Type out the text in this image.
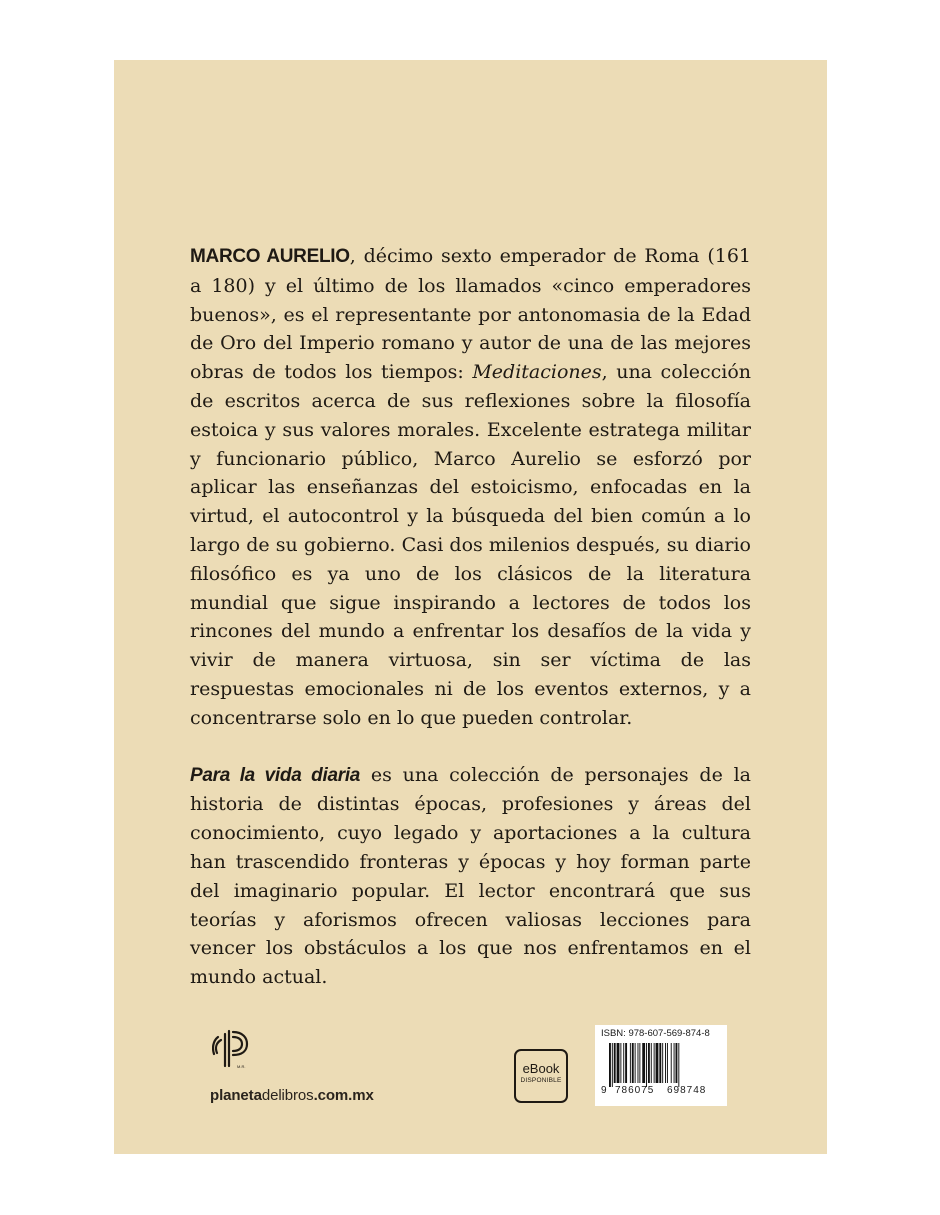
MARCO AURELIO, décimo sexto emperador de Roma (161 a 180) y el último de los llamados «cinco emperadores buenos», es el representante por antonomasia de la Edad de Oro del Imperio romano y autor de una de las mejores obras de todos los tiempos: Meditaciones, una colección de escritos acerca de sus reflexiones sobre la filosofía estoica y sus valores morales. Excelente estratega militar y funcionario público, Marco Aurelio se esforzó por aplicar las enseñanzas del estoicismo, enfocadas en la virtud, el autocontrol y la búsqueda del bien común a lo largo de su gobierno. Casi dos milenios después, su diario filosófico es ya uno de los clásicos de la literatura mundial que sigue inspirando a lectores de todos los rincones del mundo a enfrentar los desafíos de la vida y vivir de manera virtuosa, sin ser víctima de las respuestas emocionales ni de los eventos externos, y a concentrarse solo en lo que pueden controlar.

Para la vida diaria es una colección de personajes de la historia de distintas épocas, profesiones y áreas del conocimiento, cuyo legado y aportaciones a la cultura han trascendido fronteras y épocas y hoy forman parte del imaginario popular. El lector encontrará que sus teorías y aforismos ofrecen valiosas lecciones para vencer los obstáculos a los que nos enfrentamos en el mundo actual.

M.R.
planetadelibros.com.mx
eBook
DISPONIBLE
ISBN: 978-607-569-874-8
9 786075 698748
